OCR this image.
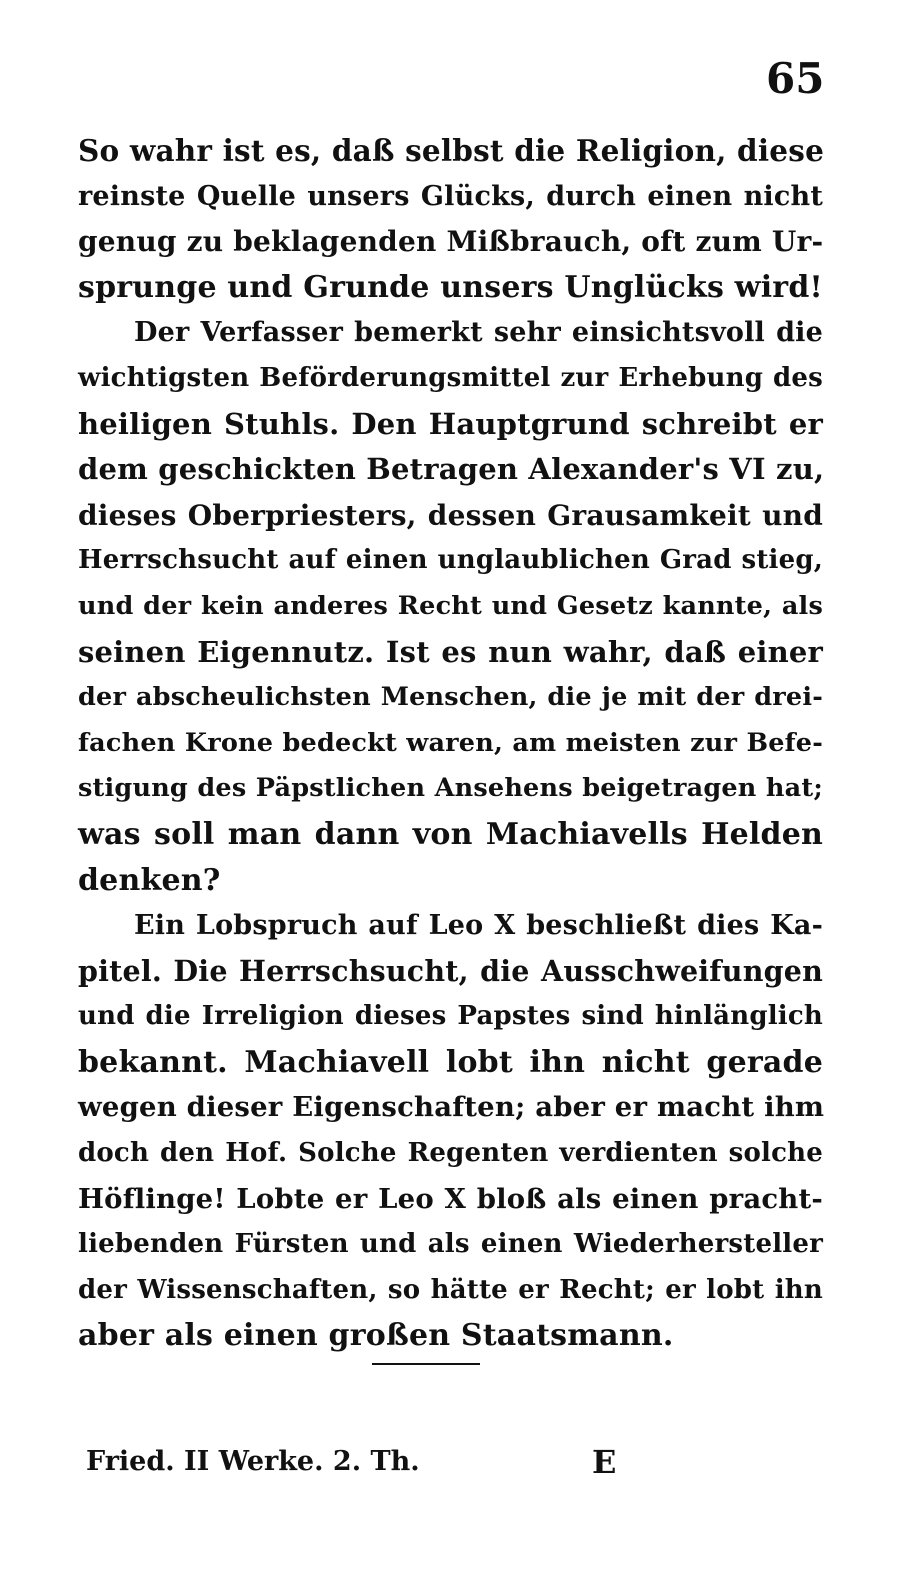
65
So wahr ist es, daß selbst die Religion, diese
reinste Quelle unsers Glücks, durch einen nicht
genug zu beklagenden Mißbrauch, oft zum Ur-
sprunge und Grunde unsers Unglücks wird!
Der Verfasser bemerkt sehr einsichtsvoll die
wichtigsten Beförderungsmittel zur Erhebung des
heiligen Stuhls. Den Hauptgrund schreibt er
dem geschickten Betragen Alexander's VI zu,
dieses Oberpriesters, dessen Grausamkeit und
Herrschsucht auf einen unglaublichen Grad stieg,
und der kein anderes Recht und Gesetz kannte, als
seinen Eigennutz. Ist es nun wahr, daß einer
der abscheulichsten Menschen, die je mit der drei-
fachen Krone bedeckt waren, am meisten zur Befe-
stigung des Päpstlichen Ansehens beigetragen hat;
was soll man dann von Machiavells Helden
denken?
Ein Lobspruch auf Leo X beschließt dies Ka-
pitel. Die Herrschsucht, die Ausschweifungen
und die Irreligion dieses Papstes sind hinlänglich
bekannt. Machiavell lobt ihn nicht gerade
wegen dieser Eigenschaften; aber er macht ihm
doch den Hof. Solche Regenten verdienten solche
Höflinge! Lobte er Leo X bloß als einen pracht-
liebenden Fürsten und als einen Wiederhersteller
der Wissenschaften, so hätte er Recht; er lobt ihn
aber als einen großen Staatsmann.
Fried. II Werke. 2. Th.	E
